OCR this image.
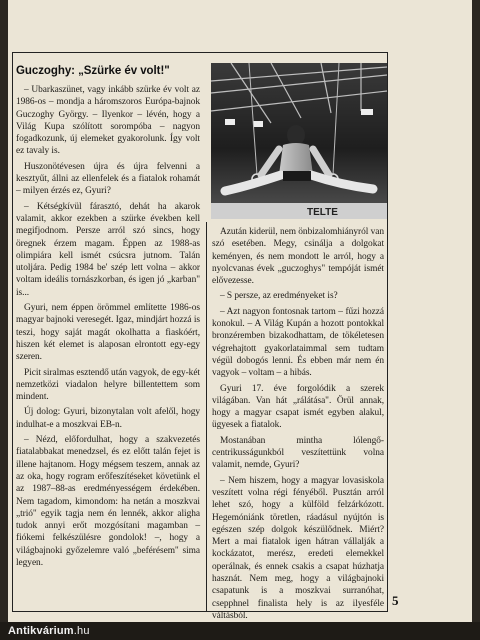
Guczoghy: „Szürke év volt!"

– Ubarkaszünet, vagy inkább szürke év volt az 1986-os – mondja a háromszoros Európa-bajnok Guczoghy György. – Ilyenkor – lévén, hogy a Világ Kupa szólított sorompóba – nagyon fogadkozunk, új elemeket gyakorolunk. Így volt ez tavaly is.

Huszonötévesen újra és újra felvenni a kesztyűt, állni az ellenfelek és a fiatalok rohamát – milyen érzés ez, Gyuri?

– Kétségkívül fárasztó, dehát ha akarok valamit, akkor ezekben a szürke években kell megifjodnom. Persze arról szó sincs, hogy öregnek érzem magam. Éppen az 1988-as olimpiára kell ismét csúcsra jutnom. Talán utoljára. Pedig 1984 be' szép lett volna – akkor voltam ideális tornászkorban, és igen jó „karban" is...

Gyuri, nem éppen örömmel említette 1986-os magyar bajnoki veresegét. Igaz, mindjárt hozzá is teszi, hogy saját magát okolhatta a fiaskóért, hiszen két elemet is alaposan elrontott egy-egy szeren.

Picit siralmas esztendő után vagyok, de egy-két nemzetközi viadalon helyre billentettem som mindent.

Új dolog: Gyuri, bizonytalan volt afelől, hogy indulhat-e a moszkvai EB-n.

– Nézd, előfordulhat, hogy a szakvezetés fiatalabbakat menedzsel, és ez előtt talán fejet is illene hajtanom. Hogy mégsem teszem, annak az az oka, hogy rogram erőfeszítéseket követünk el az 1987–88-as eredményességem érdekében. Nem tagadom, kimondom: ha netán a moszkvai „trió" egyik tagja nem én lennék, akkor aligha tudok annyi erőt mozgósítani magamban – fiókemi felkészülésre gondolok! –, hogy a világbajnoki győzelemre való „beférésem" sima legyen.

TELTE

Azután kiderül, nem önbizalomhiányról van szó esetében. Megy, csinálja a dolgokat keményen, és nem mondott le arról, hogy a nyolcvanas évek „guczoghys" tempóját ismét elővezesse.

– S persze, az eredményeket is?

– Azt nagyon fontosnak tartom – fűzi hozzá konokul. – A Világ Kupán a hozott pontokkal bronzéremben bizakodhattam, de tökéletesen végrehajtott gyakorlataimmal sem tudtam végül dobogós lenni. És ebben már nem én vagyok – voltam – a hibás.

Gyuri 17. éve forgolódik a szerek világában. Van hát „rálátása". Örül annak, hogy a magyar csapat ismét egyben alakul, ügyesek a fiatalok.

Mostanában mintha lólengő-centrikusságunkból veszítettünk volna valamit, nemde, Gyuri?

– Nem hiszem, hogy a magyar lovasiskola veszített volna régi fényéből. Pusztán arról lehet szó, hogy a külföld felzárkózott. Hegemóniánk töretlen, ráadásul nyújtón is egészen szép dolgok készülődnek. Miért? Mert a mai fiatalok igen hátran vállalják a kockázatot, merész, eredeti elemekkel operálnak, és ennek csakis a csapat húzhatja hasznát. Nem meg, hogy a világbajnoki csapatunk is a moszkvai surranóhat, csepphnel finalista hely is az ilyesféle váltásból.

5
Antikvárium.hu
